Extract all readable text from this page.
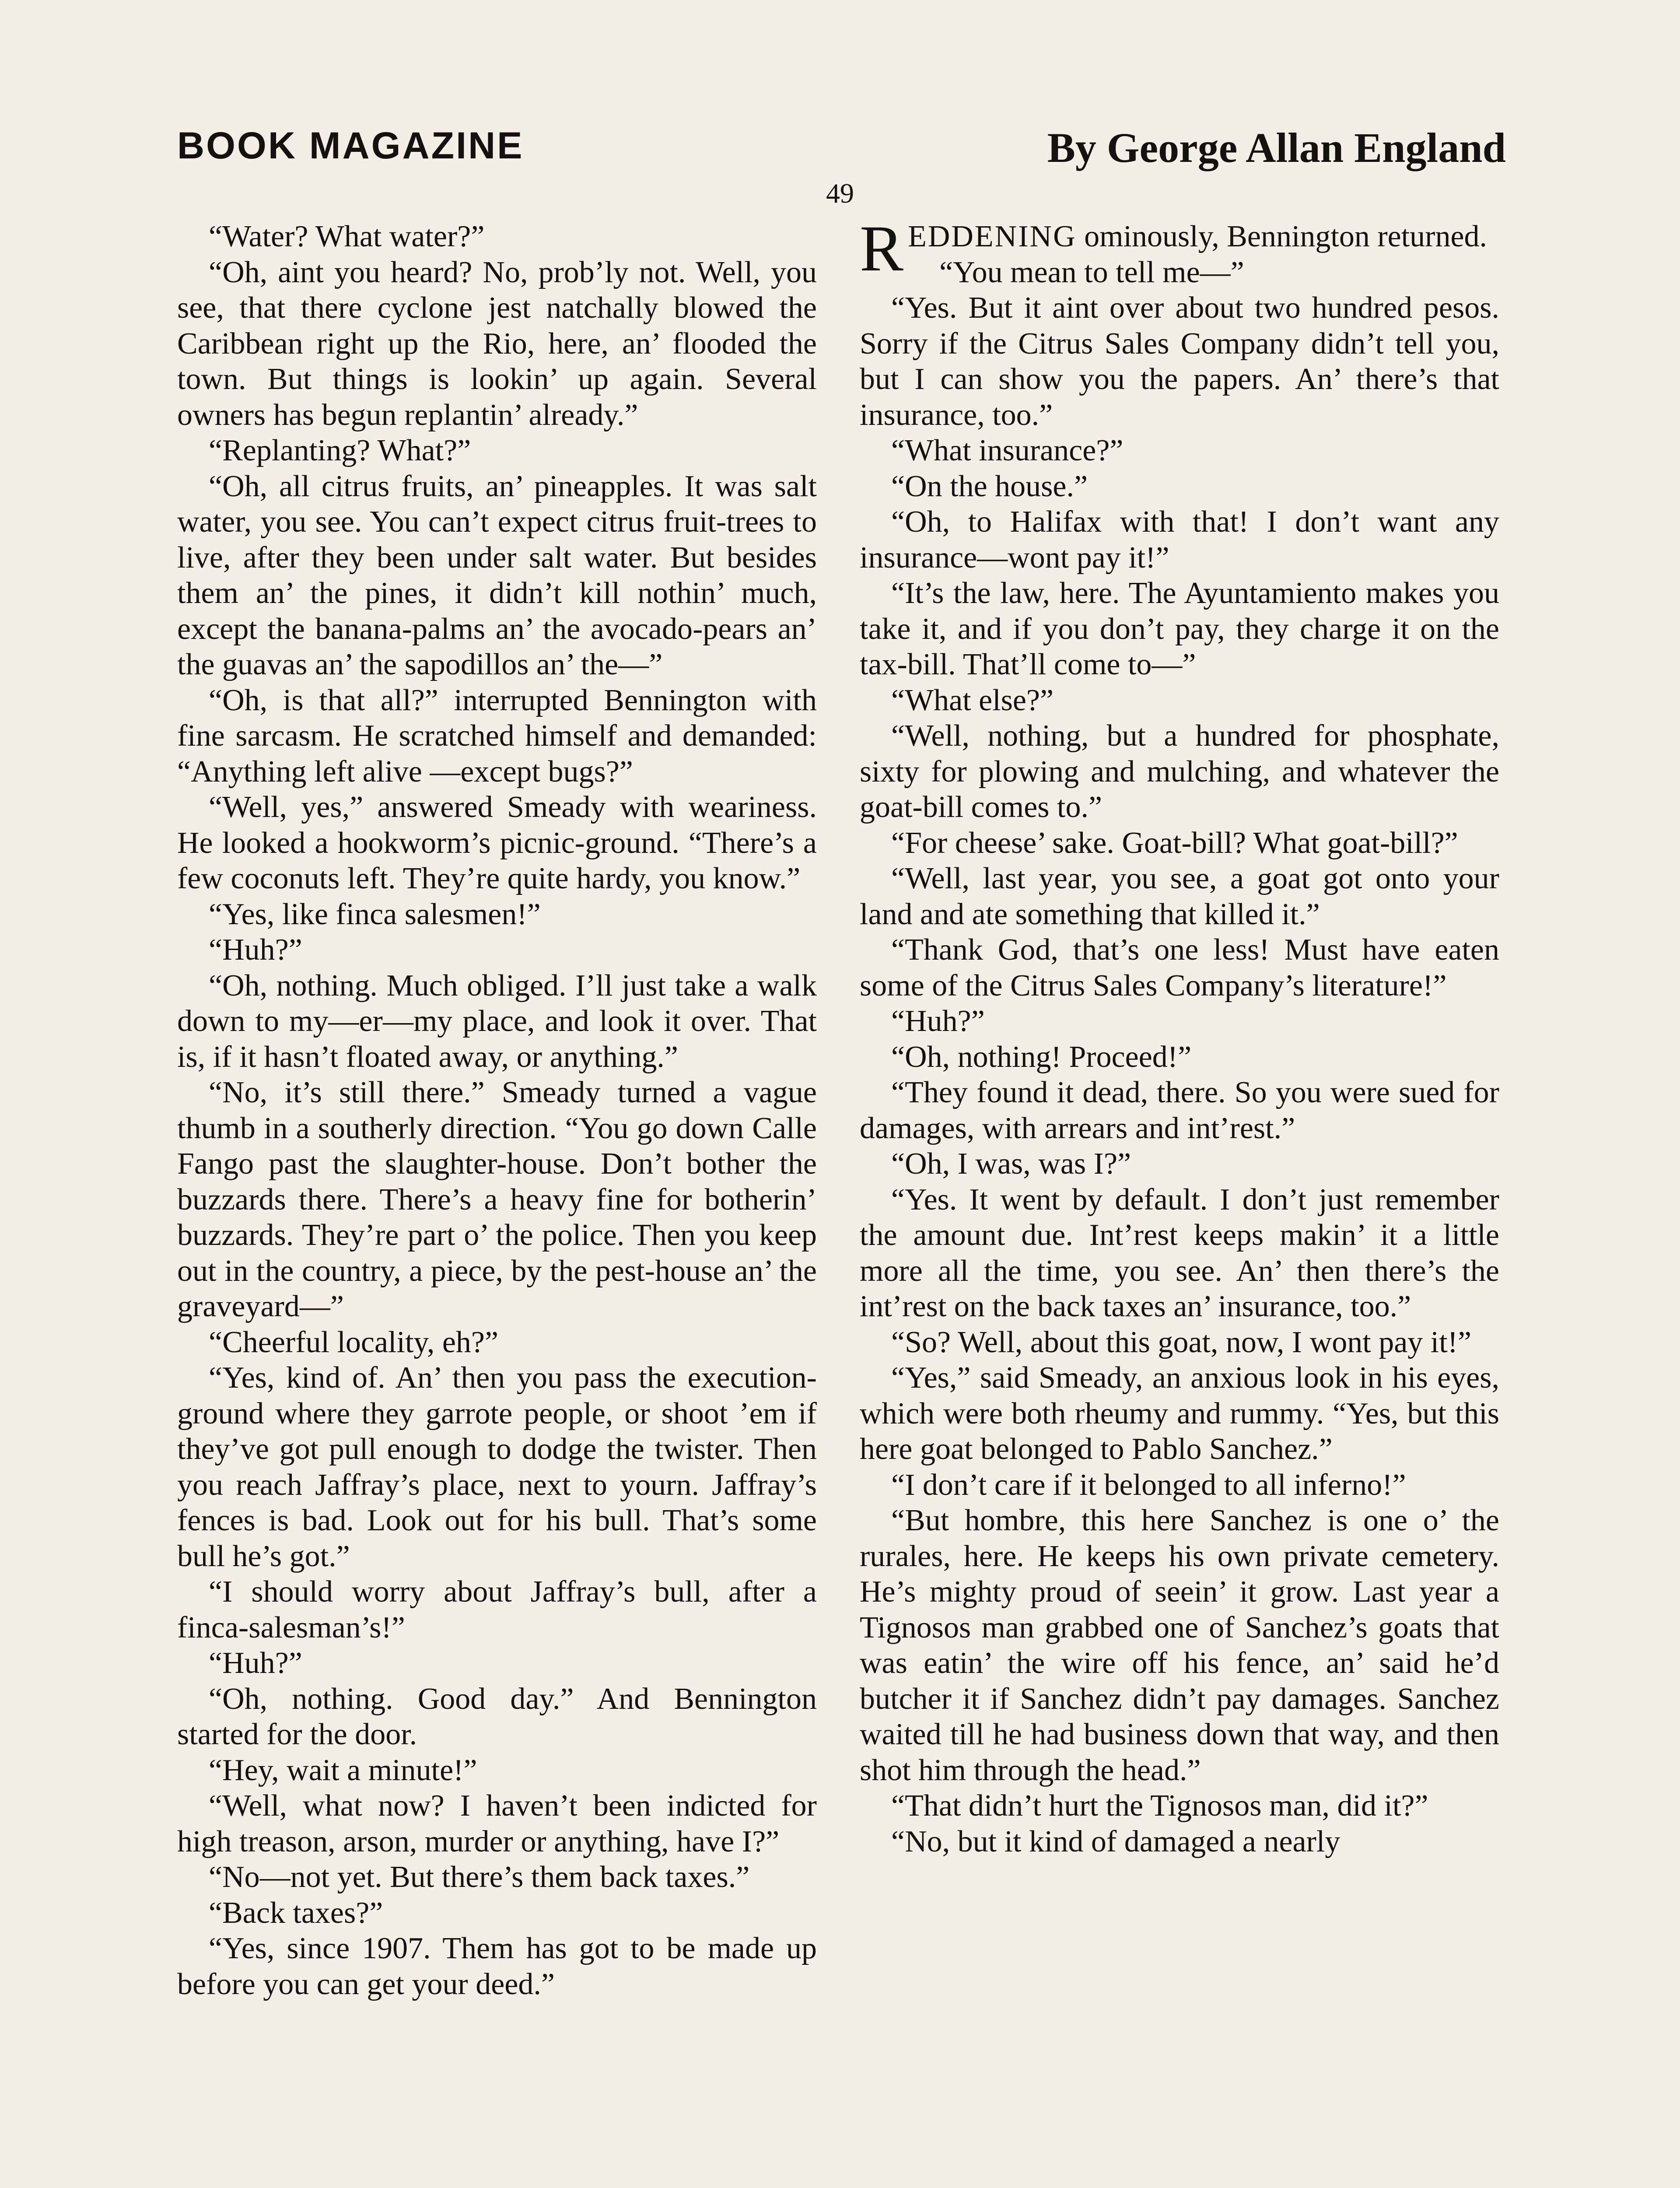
BOOK MAGAZINE	By George Allan England
49

“Water? What water?”

“Oh, aint you heard? No, prob’ly not. Well, you see, that there cyclone jest natchally blowed the Caribbean right up the Rio, here, an’ flooded the town. But things is lookin’ up again. Several owners has begun replantin’ already.”

“Replanting? What?”

“Oh, all citrus fruits, an’ pineapples. It was salt water, you see. You can’t expect citrus fruit-trees to live, after they been under salt water. But besides them an’ the pines, it didn’t kill nothin’ much, except the banana-palms an’ the avocado-pears an’ the guavas an’ the sapodillos an’ the—”

“Oh, is that all?” interrupted Bennington with fine sarcasm. He scratched himself and demanded: “Anything left alive —except bugs?”

“Well, yes,” answered Smeady with weariness. He looked a hookworm’s picnic-ground. “There’s a few coconuts left. They’re quite hardy, you know.”

“Yes, like finca salesmen!”

“Huh?”

“Oh, nothing. Much obliged. I’ll just take a walk down to my—er—my place, and look it over. That is, if it hasn’t floated away, or anything.”

“No, it’s still there.” Smeady turned a vague thumb in a southerly direction. “You go down Calle Fango past the slaughter-house. Don’t bother the buzzards there. There’s a heavy fine for botherin’ buzzards. They’re part o’ the police. Then you keep out in the country, a piece, by the pest-house an’ the graveyard—”

“Cheerful locality, eh?”

“Yes, kind of. An’ then you pass the execution-ground where they garrote people, or shoot ’em if they’ve got pull enough to dodge the twister. Then you reach Jaffray’s place, next to yourn. Jaffray’s fences is bad. Look out for his bull. That’s some bull he’s got.”

“I should worry about Jaffray’s bull, after a finca-salesman’s!”

“Huh?”

“Oh, nothing. Good day.” And Bennington started for the door.

“Hey, wait a minute!”

“Well, what now? I haven’t been indicted for high treason, arson, murder or anything, have I?”

“No—not yet. But there’s them back taxes.”

“Back taxes?”

“Yes, since 1907. Them has got to be made up before you can get your deed.”

REDDENING ominously, Bennington returned.

“You mean to tell me—”

“Yes. But it aint over about two hundred pesos. Sorry if the Citrus Sales Company didn’t tell you, but I can show you the papers. An’ there’s that insurance, too.”

“What insurance?”

“On the house.”

“Oh, to Halifax with that! I don’t want any insurance—wont pay it!”

“It’s the law, here. The Ayuntamiento makes you take it, and if you don’t pay, they charge it on the tax-bill. That’ll come to—”

“What else?”

“Well, nothing, but a hundred for phosphate, sixty for plowing and mulching, and whatever the goat-bill comes to.”

“For cheese’ sake. Goat-bill? What goat-bill?”

“Well, last year, you see, a goat got onto your land and ate something that killed it.”

“Thank God, that’s one less! Must have eaten some of the Citrus Sales Company’s literature!”

“Huh?”

“Oh, nothing! Proceed!”

“They found it dead, there. So you were sued for damages, with arrears and int’rest.”

“Oh, I was, was I?”

“Yes. It went by default. I don’t just remember the amount due. Int’rest keeps makin’ it a little more all the time, you see. An’ then there’s the int’rest on the back taxes an’ insurance, too.”

“So? Well, about this goat, now, I wont pay it!”

“Yes,” said Smeady, an anxious look in his eyes, which were both rheumy and rummy. “Yes, but this here goat belonged to Pablo Sanchez.”

“I don’t care if it belonged to all inferno!”

“But hombre, this here Sanchez is one o’ the rurales, here. He keeps his own private cemetery. He’s mighty proud of seein’ it grow. Last year a Tignosos man grabbed one of Sanchez’s goats that was eatin’ the wire off his fence, an’ said he’d butcher it if Sanchez didn’t pay damages. Sanchez waited till he had business down that way, and then shot him through the head.”

“That didn’t hurt the Tignosos man, did it?”

“No, but it kind of damaged a nearly
